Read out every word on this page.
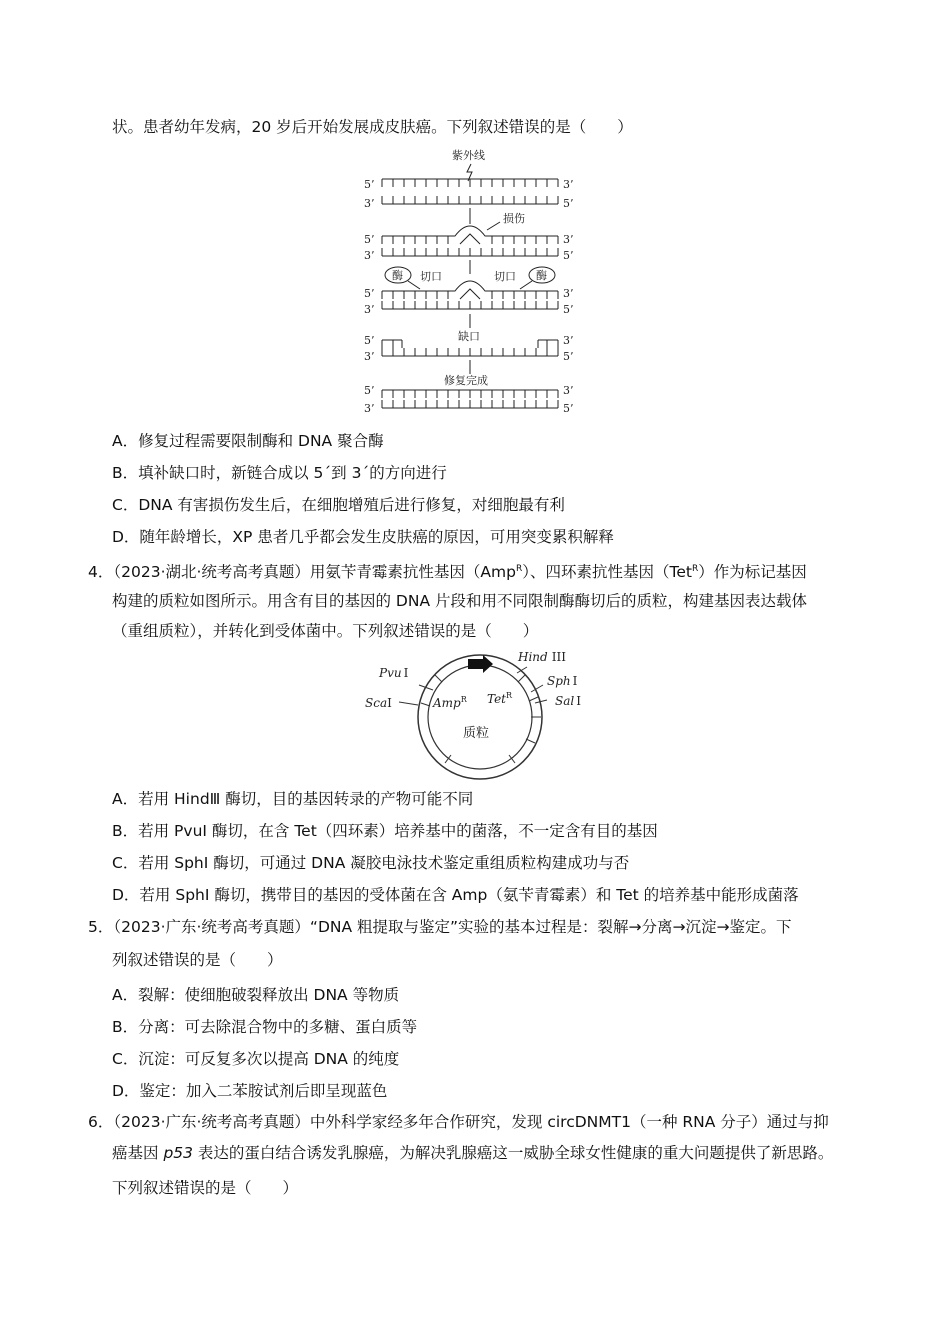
状。患者幼年发病，20 岁后开始发展成皮肤癌。下列叙述错误的是（　　）
紫外线
5’	3’
3’	5’
损伤
5’	3’
3’	5’
酶	酶
切口	切口
5’	3’
3’	5’
5’	3’
缺口
3’	5’
修复完成
5’	3’
3’	5’
A．修复过程需要限制酶和 DNA 聚合酶
B．填补缺口时，新链合成以 5ˊ到 3ˊ的方向进行
C．DNA 有害损伤发生后，在细胞增殖后进行修复，对细胞最有利
D．随年龄增长，XP 患者几乎都会发生皮肤癌的原因，可用突变累积解释
4．（2023·湖北·统考高考真题）用氨苄青霉素抗性基因（Amp$^R$）、四环素抗性基因（Tet$^R$）作为标记基因
构建的质粒如图所示。用含有目的基因的 DNA 片段和用不同限制酶酶切后的质粒，构建基因表达载体
（重组质粒），并转化到受体菌中。下列叙述错误的是（　　）
Pvu I
ScaI
Hind III
Sph I
Sal I
Amp$^R$ Tet$^R$
质粒
A．若用 HindⅢ 酶切，目的基因转录的产物可能不同
B．若用 PvuⅠ 酶切，在含 Tet（四环素）培养基中的菌落，不一定含有目的基因
C．若用 SphⅠ 酶切，可通过 DNA 凝胶电泳技术鉴定重组质粒构建成功与否
D．若用 SphⅠ 酶切，携带目的基因的受体菌在含 Amp（氨苄青霉素）和 Tet 的培养基中能形成菌落
5．（2023·广东·统考高考真题）“DNA 粗提取与鉴定”实验的基本过程是：裂解→分离→沉淀→鉴定。下
列叙述错误的是（　　）
A．裂解：使细胞破裂释放出 DNA 等物质
B．分离：可去除混合物中的多糖、蛋白质等
C．沉淀：可反复多次以提高 DNA 的纯度
D．鉴定：加入二苯胺试剂后即呈现蓝色
6．（2023·广东·统考高考真题）中外科学家经多年合作研究，发现 circDNMT1（一种 RNA 分子）通过与抑
癌基因 p53 表达的蛋白结合诱发乳腺癌，为解决乳腺癌这一威胁全球女性健康的重大问题提供了新思路。
下列叙述错误的是（　　）
